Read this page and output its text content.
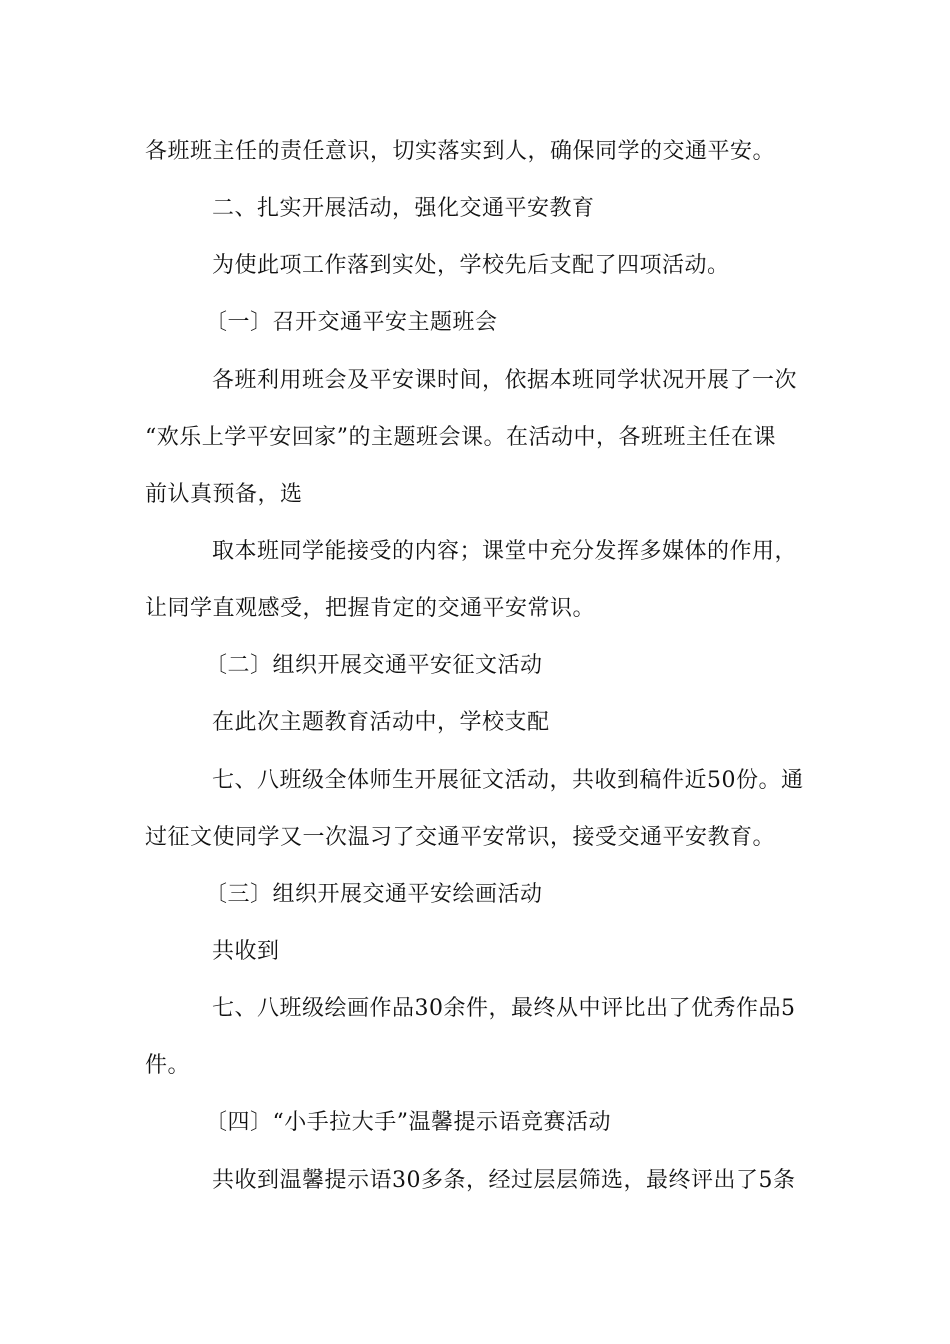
各班班主任的责任意识，切实落实到人，确保同学的交通平安。
二、扎实开展活动，强化交通平安教育
为使此项工作落到实处，学校先后支配了四项活动。
〔一〕召开交通平安主题班会
各班利用班会及平安课时间，依据本班同学状况开展了一次
“欢乐上学平安回家”的主题班会课。在活动中，各班班主任在课
前认真预备，选
取本班同学能接受的内容；课堂中充分发挥多媒体的作用，
让同学直观感受，把握肯定的交通平安常识。
〔二〕组织开展交通平安征文活动
在此次主题教育活动中，学校支配
七、八班级全体师生开展征文活动，共收到稿件近50份。通
过征文使同学又一次温习了交通平安常识，接受交通平安教育。
〔三〕组织开展交通平安绘画活动
共收到
七、八班级绘画作品30余件，最终从中评比出了优秀作品5
件。
〔四〕“小手拉大手”温馨提示语竞赛活动
共收到温馨提示语30多条，经过层层筛选，最终评出了5条
